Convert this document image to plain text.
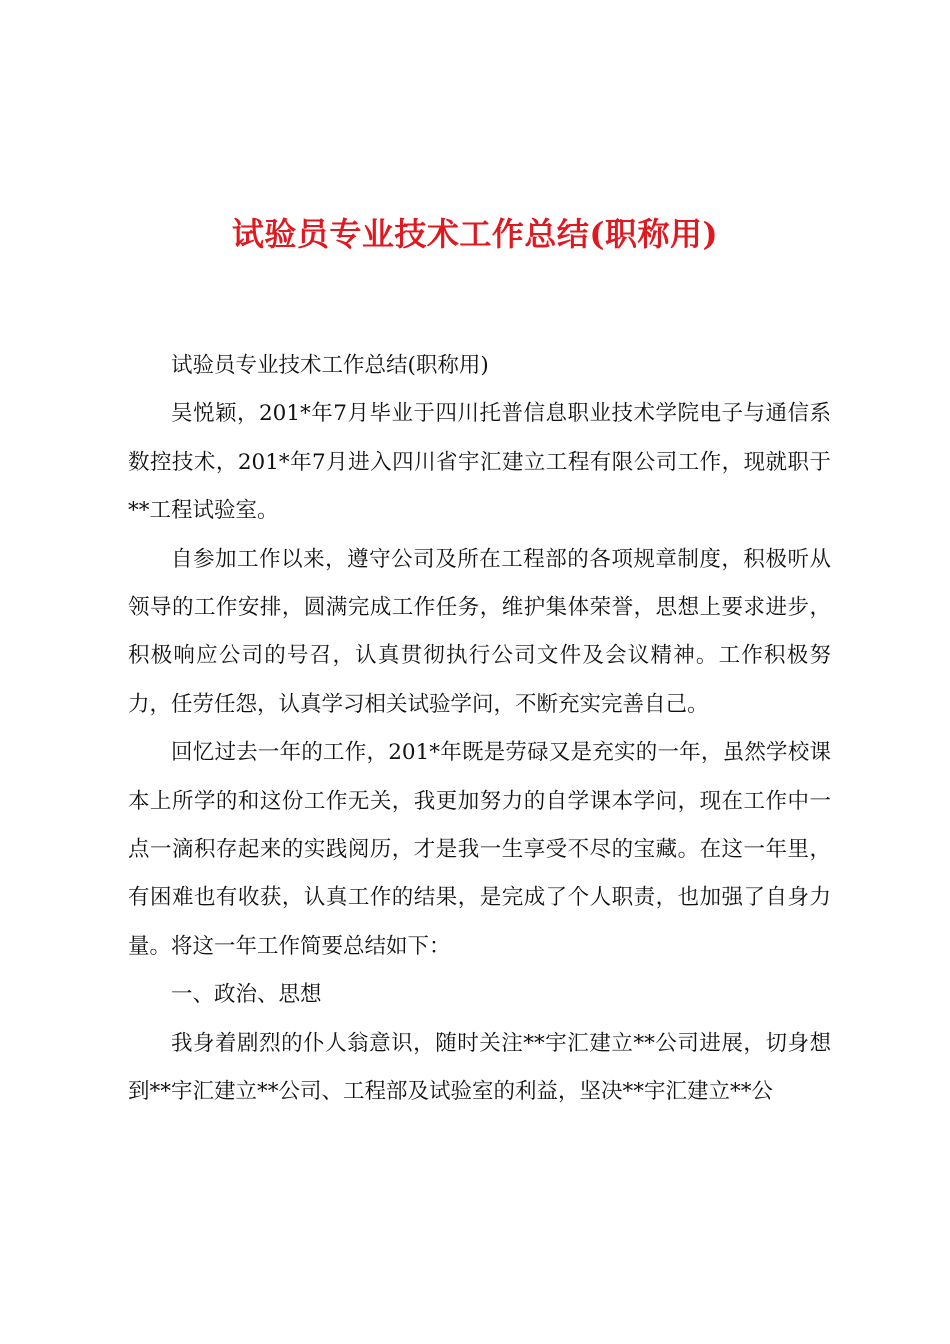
试验员专业技术工作总结(职称用)

试验员专业技术工作总结(职称用)

吴悦颖，201*年7月毕业于四川托普信息职业技术学院电子与通信系数控技术，201*年7月进入四川省宇汇建立工程有限公司工作，现就职于**工程试验室。

自参加工作以来，遵守公司及所在工程部的各项规章制度，积极听从领导的工作安排，圆满完成工作任务，维护集体荣誉，思想上要求进步，积极响应公司的号召，认真贯彻执行公司文件及会议精神。工作积极努力，任劳任怨，认真学习相关试验学问，不断充实完善自己。

回忆过去一年的工作，201*年既是劳碌又是充实的一年，虽然学校课本上所学的和这份工作无关，我更加努力的自学课本学问，现在工作中一点一滴积存起来的实践阅历，才是我一生享受不尽的宝藏。在这一年里，有困难也有收获，认真工作的结果，是完成了个人职责，也加强了自身力量。将这一年工作简要总结如下：

一、政治、思想

我身着剧烈的仆人翁意识，随时关注**宇汇建立**公司进展，切身想到**宇汇建立**公司、工程部及试验室的利益，坚决**宇汇建立**公
